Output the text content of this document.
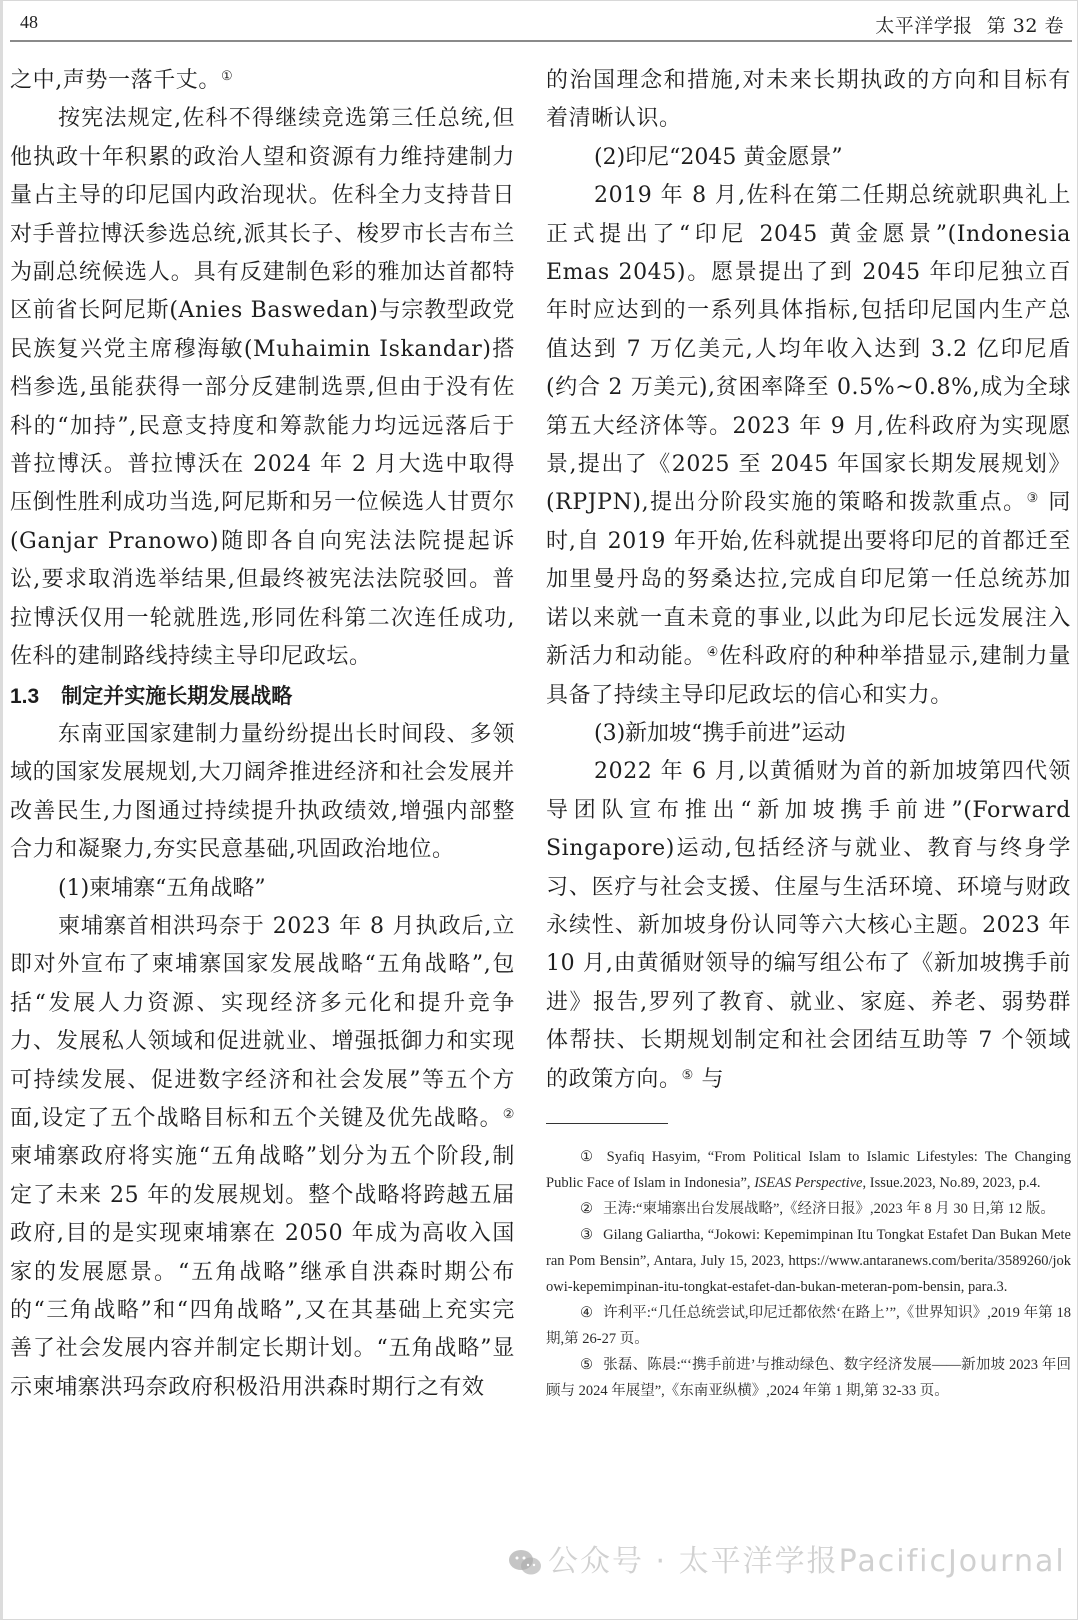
48	太平洋学报 第 32 卷

之中,声势一落千丈。①

按宪法规定,佐科不得继续竞选第三任总统,但他执政十年积累的政治人望和资源有力维持建制力量占主导的印尼国内政治现状。佐科全力支持昔日对手普拉博沃参选总统,派其长子、梭罗市长吉布兰为副总统候选人。具有反建制色彩的雅加达首都特区前省长阿尼斯(Anies Baswedan)与宗教型政党民族复兴党主席穆海敏(Muhaimin Iskandar)搭档参选,虽能获得一部分反建制选票,但由于没有佐科的“加持”,民意支持度和筹款能力均远远落后于普拉博沃。普拉博沃在 2024 年 2 月大选中取得压倒性胜利成功当选,阿尼斯和另一位候选人甘贾尔(Ganjar Pranowo)随即各自向宪法法院提起诉讼,要求取消选举结果,但最终被宪法法院驳回。普拉博沃仅用一轮就胜选,形同佐科第二次连任成功,佐科的建制路线持续主导印尼政坛。

1.3 制定并实施长期发展战略

东南亚国家建制力量纷纷提出长时间段、多领域的国家发展规划,大刀阔斧推进经济和社会发展并改善民生,力图通过持续提升执政绩效,增强内部整合力和凝聚力,夯实民意基础,巩固政治地位。

(1)柬埔寨“五角战略”

柬埔寨首相洪玛奈于 2023 年 8 月执政后,立即对外宣布了柬埔寨国家发展战略“五角战略”,包括“发展人力资源、实现经济多元化和提升竞争力、发展私人领域和促进就业、增强抵御力和实现可持续发展、促进数字经济和社会发展”等五个方面,设定了五个战略目标和五个关键及优先战略。② 柬埔寨政府将实施“五角战略”划分为五个阶段,制定了未来 25 年的发展规划。整个战略将跨越五届政府,目的是实现柬埔寨在 2050 年成为高收入国家的发展愿景。“五角战略”继承自洪森时期公布的“三角战略”和“四角战略”,又在其基础上充实完善了社会发展内容并制定长期计划。“五角战略”显示柬埔寨洪玛奈政府积极沿用洪森时期行之有效

的治国理念和措施,对未来长期执政的方向和目标有着清晰认识。

(2)印尼“2045 黄金愿景”

2019 年 8 月,佐科在第二任期总统就职典礼上正式提出了“印尼 2045 黄金愿景”(Indonesia Emas 2045)。愿景提出了到 2045 年印尼独立百年时应达到的一系列具体指标,包括印尼国内生产总值达到 7 万亿美元,人均年收入达到 3.2 亿印尼盾(约合 2 万美元),贫困率降至 0.5%~0.8%,成为全球第五大经济体等。2023 年 9 月,佐科政府为实现愿景,提出了《2025 至 2045 年国家长期发展规划》(RPJPN),提出分阶段实施的策略和拨款重点。③ 同时,自 2019 年开始,佐科就提出要将印尼的首都迁至加里曼丹岛的努桑达拉,完成自印尼第一任总统苏加诺以来就一直未竟的事业,以此为印尼长远发展注入新活力和动能。④佐科政府的种种举措显示,建制力量具备了持续主导印尼政坛的信心和实力。

(3)新加坡“携手前进”运动

2022 年 6 月,以黄循财为首的新加坡第四代领导团队宣布推出“新加坡携手前进”(Forward Singapore)运动,包括经济与就业、教育与终身学习、医疗与社会支援、住屋与生活环境、环境与财政永续性、新加坡身份认同等六大核心主题。2023 年 10 月,由黄循财领导的编写组公布了《新加坡携手前进》报告,罗列了教育、就业、家庭、养老、弱势群体帮扶、长期规划制定和社会团结互助等 7 个领域的政策方向。⑤ 与

① Syafiq Hasyim, “From Political Islam to Islamic Lifestyles: The Changing Public Face of Islam in Indonesia”, ISEAS Perspective, Issue.2023, No.89, 2023, p.4.

② 王涛:“柬埔寨出台发展战略”,《经济日报》,2023 年 8 月 30 日,第 12 版。

③ Gilang Galiartha, “Jokowi: Kepemimpinan Itu Tongkat Estafet Dan Bukan Meteran Pom Bensin”, Antara, July 15, 2023, https://www.antaranews.com/berita/3589260/jokowi-kepemimpinan-itu-tongkat-estafet-dan-bukan-meteran-pom-bensin, para.3.

④ 许利平:“几任总统尝试,印尼迁都依然‘在路上’”,《世界知识》,2019 年第 18 期,第 26-27 页。

⑤ 张磊、陈晨:“‘携手前进’与推动绿色、数字经济发展——新加坡 2023 年回顾与 2024 年展望”,《东南亚纵横》,2024 年第 1 期,第 32-33 页。

公众号 · 太平洋学报PacificJournal
